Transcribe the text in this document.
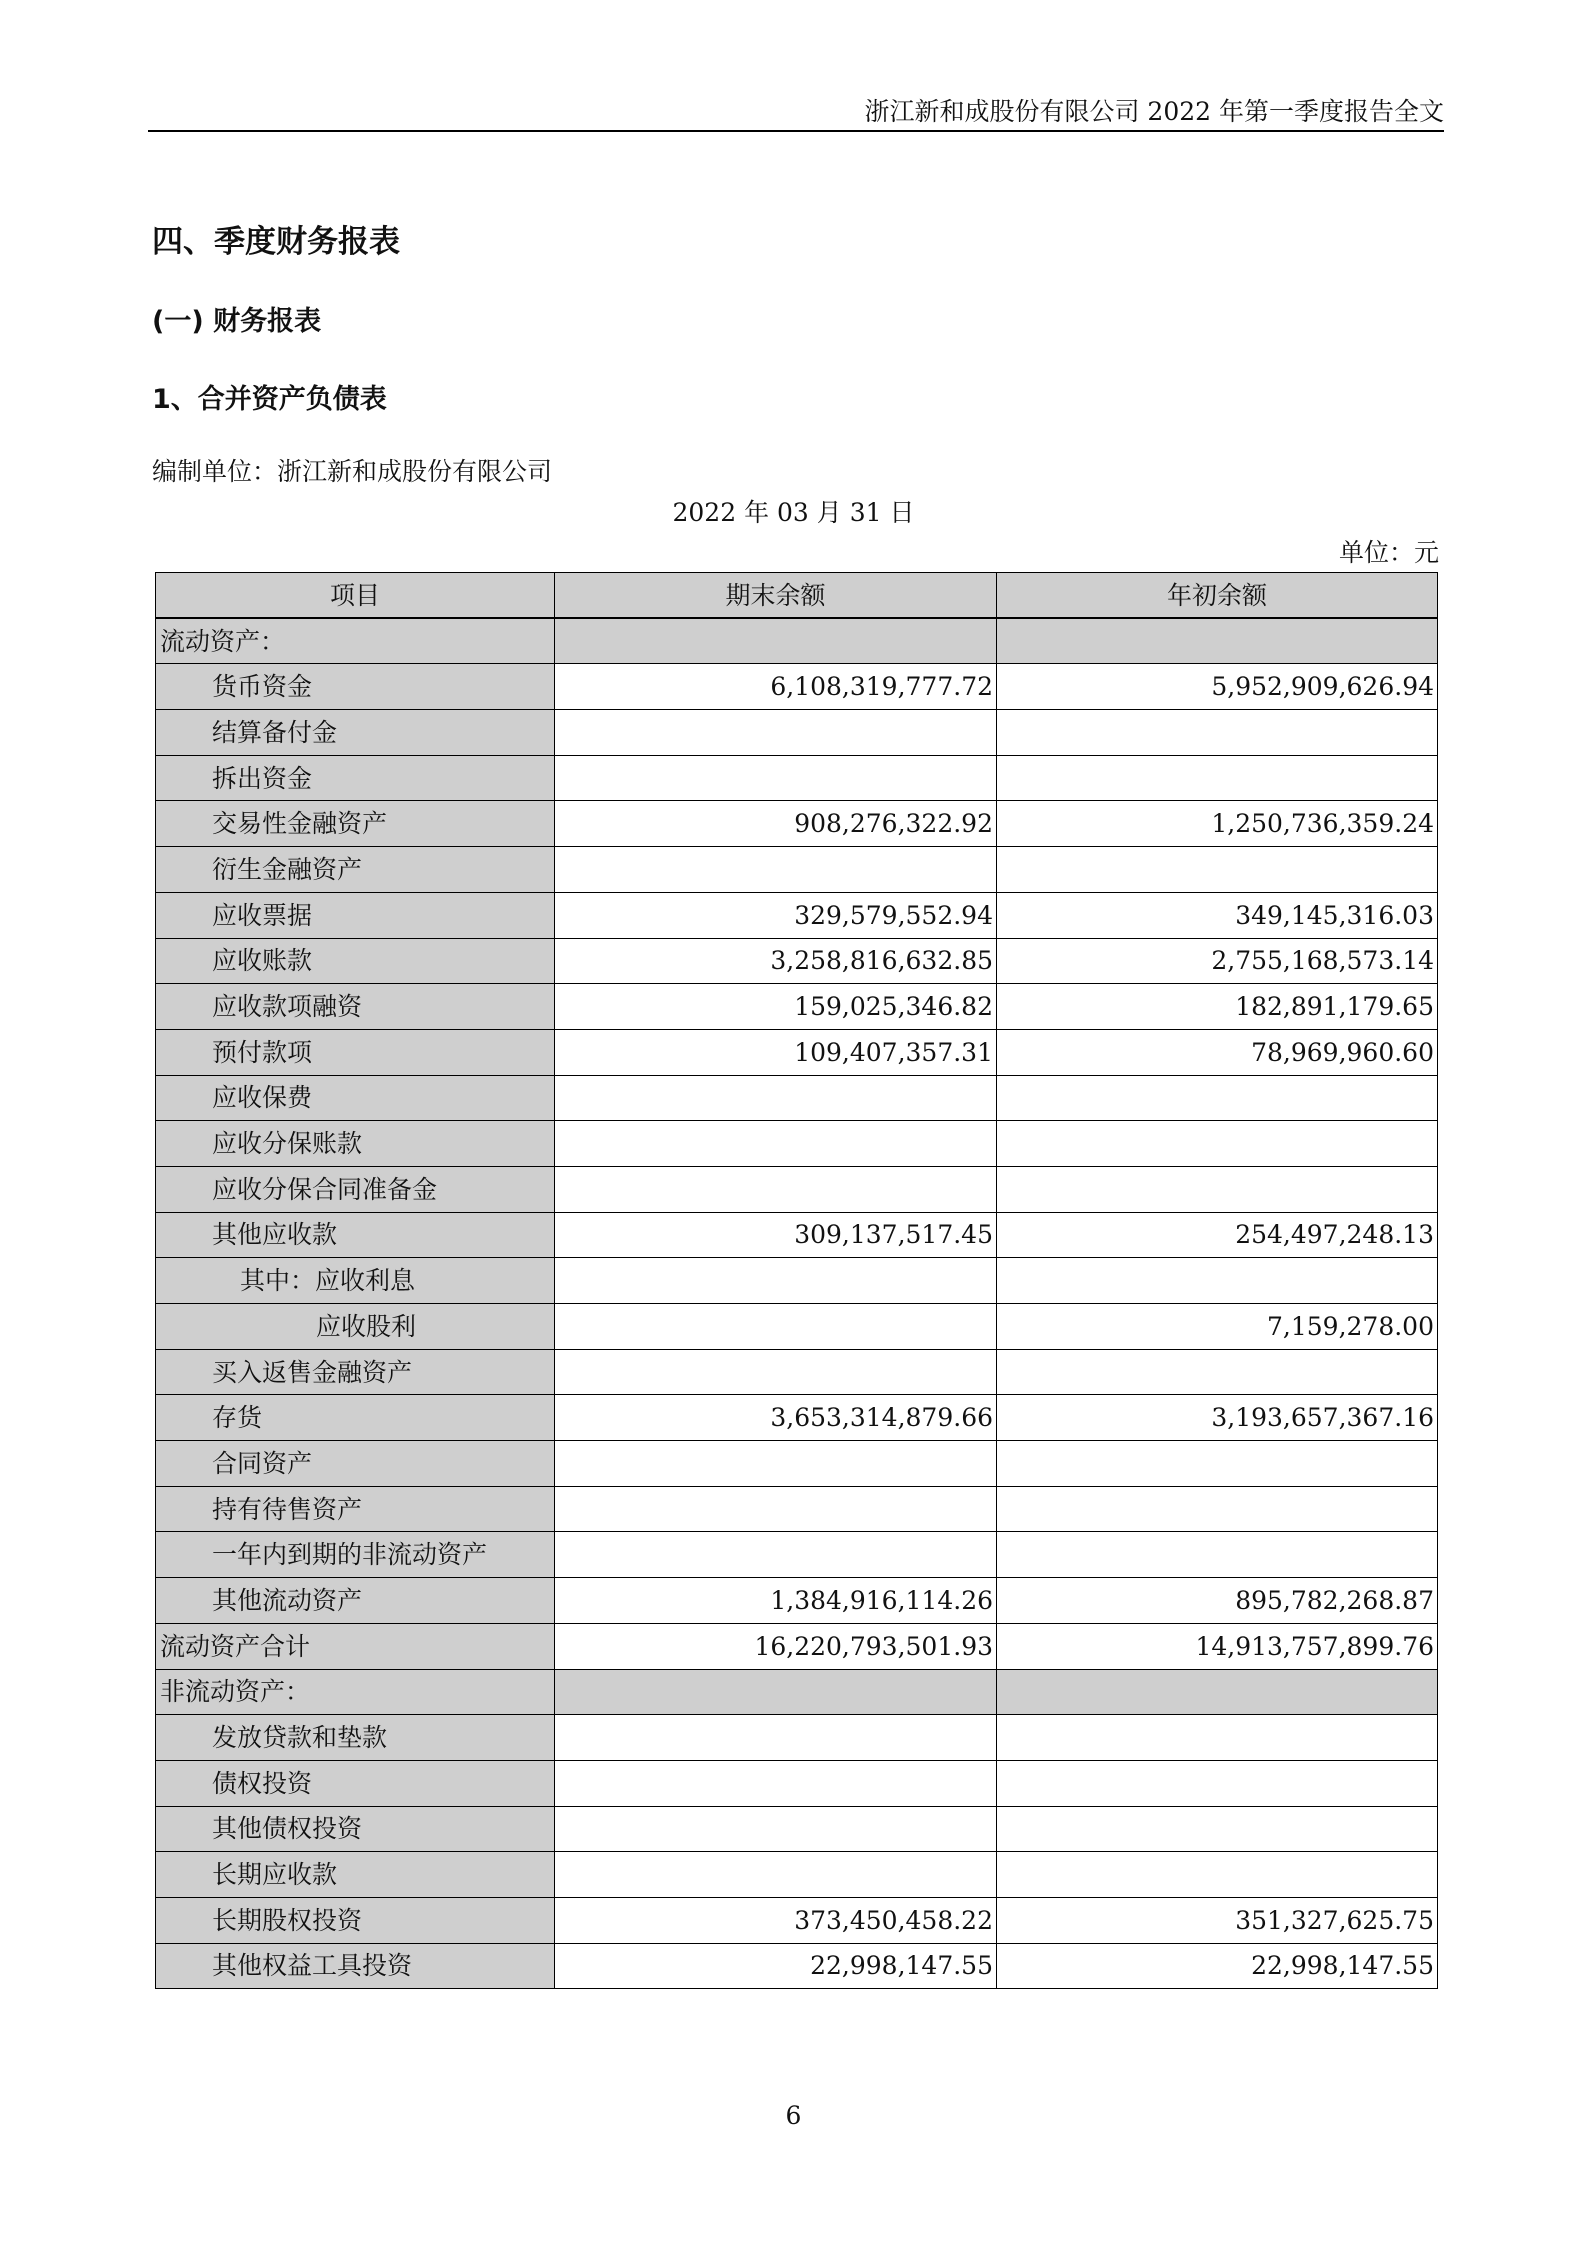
浙江新和成股份有限公司 2022 年第一季度报告全文
四、季度财务报表
(一) 财务报表
1、合并资产负债表
编制单位：浙江新和成股份有限公司
2022 年 03 月 31 日
单位：元
项目	期末余额	年初余额
流动资产：		
货币资金	6,108,319,777.72	5,952,909,626.94
结算备付金		
拆出资金		
交易性金融资产	908,276,322.92	1,250,736,359.24
衍生金融资产		
应收票据	329,579,552.94	349,145,316.03
应收账款	3,258,816,632.85	2,755,168,573.14
应收款项融资	159,025,346.82	182,891,179.65
预付款项	109,407,357.31	78,969,960.60
应收保费		
应收分保账款		
应收分保合同准备金		
其他应收款	309,137,517.45	254,497,248.13
其中：应收利息		
应收股利		7,159,278.00
买入返售金融资产		
存货	3,653,314,879.66	3,193,657,367.16
合同资产		
持有待售资产		
一年内到期的非流动资产		
其他流动资产	1,384,916,114.26	895,782,268.87
流动资产合计	16,220,793,501.93	14,913,757,899.76
非流动资产：		
发放贷款和垫款		
债权投资		
其他债权投资		
长期应收款		
长期股权投资	373,450,458.22	351,327,625.75
其他权益工具投资	22,998,147.55	22,998,147.55
6
